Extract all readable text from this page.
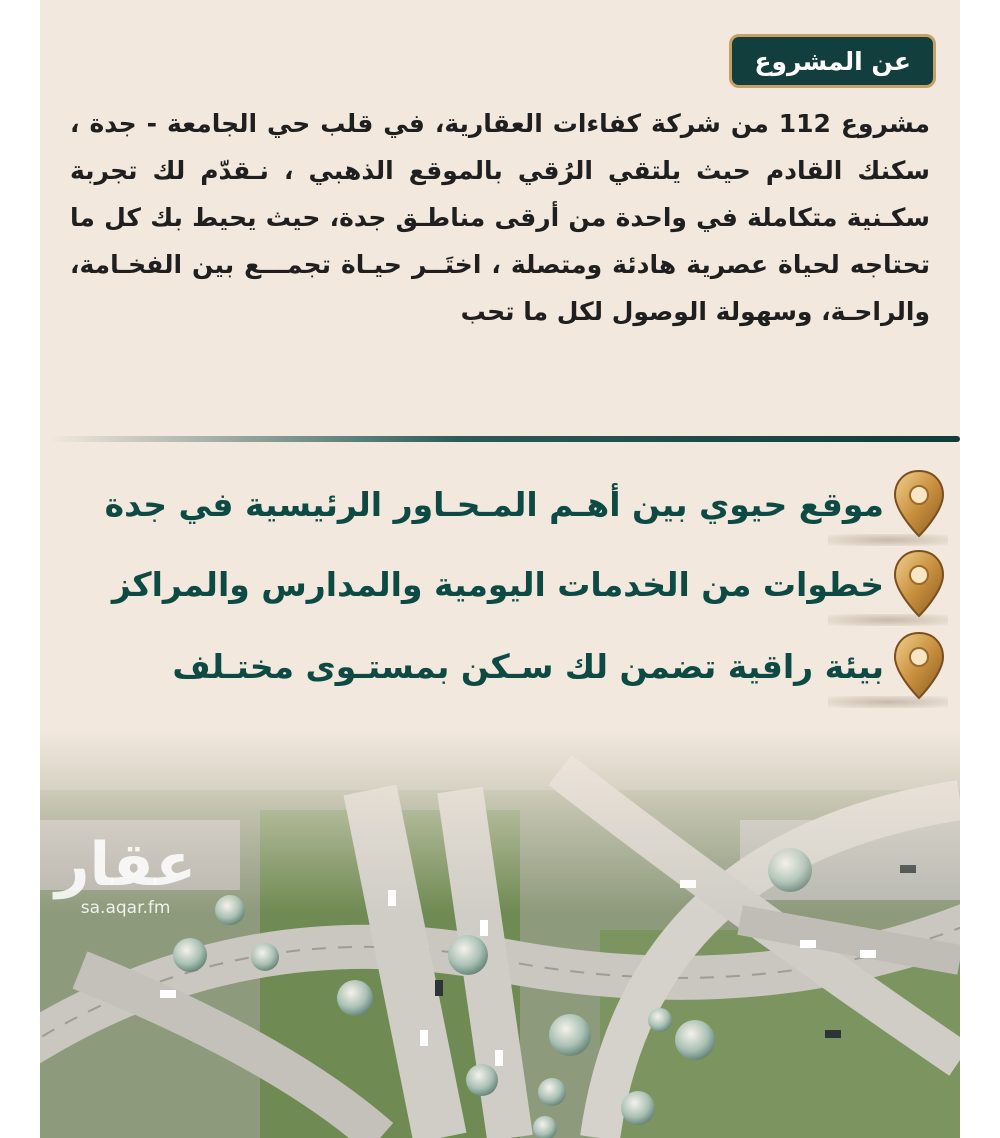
عن المشروع

مشروع 112 من شركة كفاءات العقارية، في قلب حي الجامعة - جدة ، سكنك القادم حيث يلتقي الرُقي بالموقع الذهبي ، نـقدّم لك تجربة سكـنية متكاملة في واحدة من أرقى مناطـق جدة، حيث يحيط بك كل ما تحتاجه لحياة عصرية هادئة ومتصلة ، اختَــر حيـاة تجمـــع بين الفخـامة، والراحـة، وسهولة الوصول لكل ما تحب

موقع حيوي بين أهـم المـحـاور الرئيسية في جدة
خطوات من الخدمات اليومية والمدارس والمراكز
بيئة راقية تضمن لك سـكن بمستـوى مختـلف
عقار
sa.aqar.fm
